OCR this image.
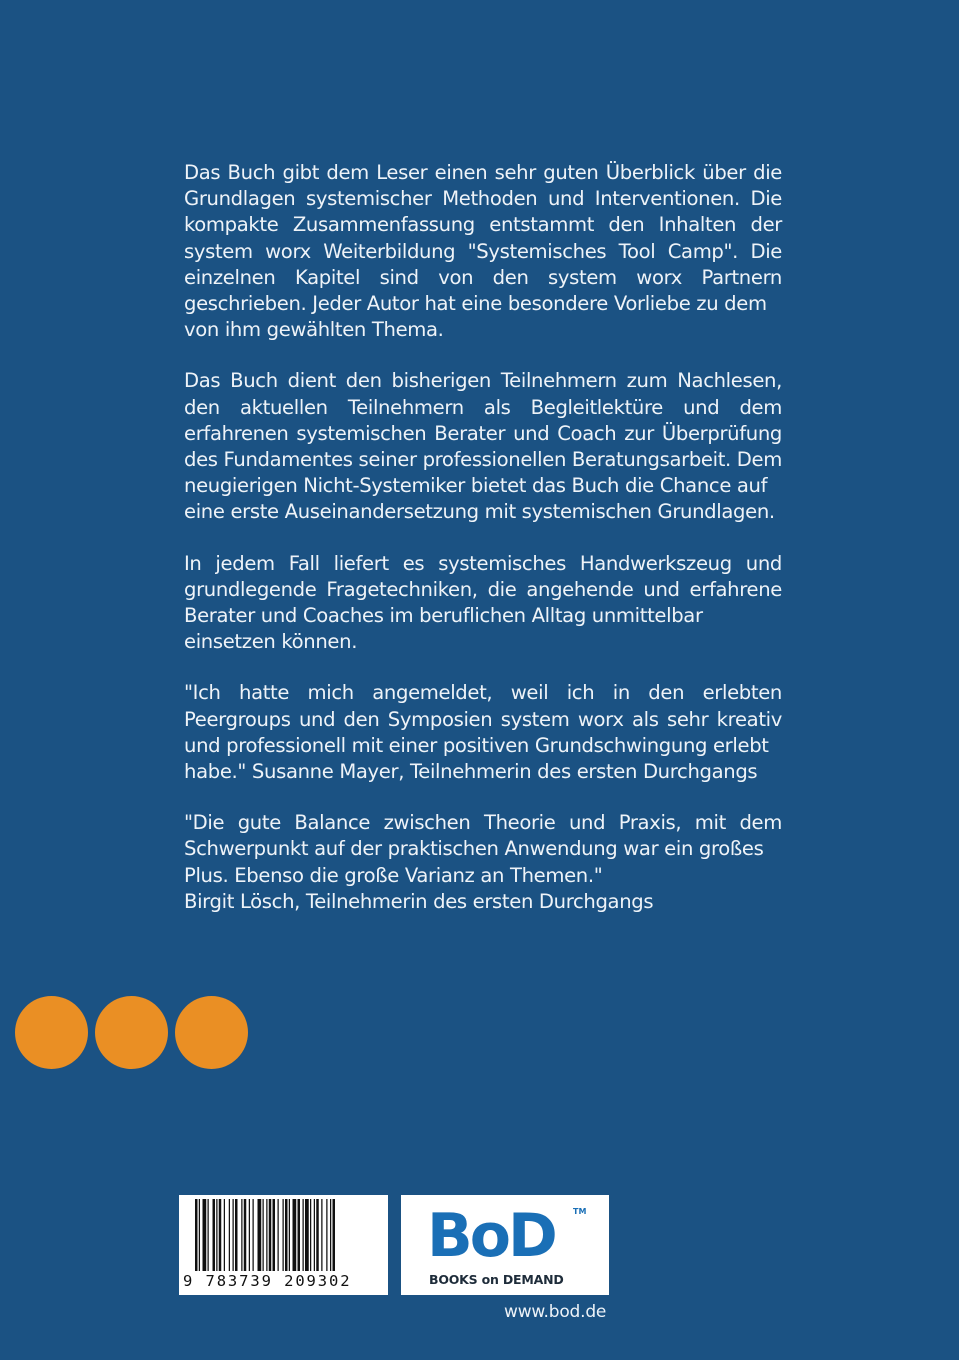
Das Buch gibt dem Leser einen sehr guten Überblick über die Grundlagen systemischer Methoden und Interventionen. Die kompakte Zusammenfassung entstammt den Inhalten der system worx Weiterbildung "Systemisches Tool Camp". Die einzelnen Kapitel sind von den system worx Partnern geschrieben. Jeder Autor hat eine besondere Vorliebe zu dem
von ihm gewählten Thema.

Das Buch dient den bisherigen Teilnehmern zum Nachlesen, den aktuellen Teilnehmern als Begleitlektüre und dem erfahrenen systemischen Berater und Coach zur Überprüfung des Fundamentes seiner professionellen Beratungsarbeit. Dem neugierigen Nicht-Systemiker bietet das Buch die Chance auf
eine erste Auseinandersetzung mit systemischen Grundlagen.

In jedem Fall liefert es systemisches Handwerkszeug und grundlegende Fragetechniken, die angehende und erfahrene Berater und Coaches im beruflichen Alltag unmittelbar
einsetzen können.

"Ich hatte mich angemeldet, weil ich in den erlebten Peergroups und den Symposien system worx als sehr kreativ und professionell mit einer positiven Grundschwingung erlebt
habe." Susanne Mayer, Teilnehmerin des ersten Durchgangs

"Die gute Balance zwischen Theorie und Praxis, mit dem Schwerpunkt auf der praktischen Anwendung war ein großes
Plus. Ebenso die große Varianz an Themen."
Birgit Lösch, Teilnehmerin des ersten Durchgangs

9 783739 209302
BoD	TM
BOOKS on DEMAND
www.bod.de
